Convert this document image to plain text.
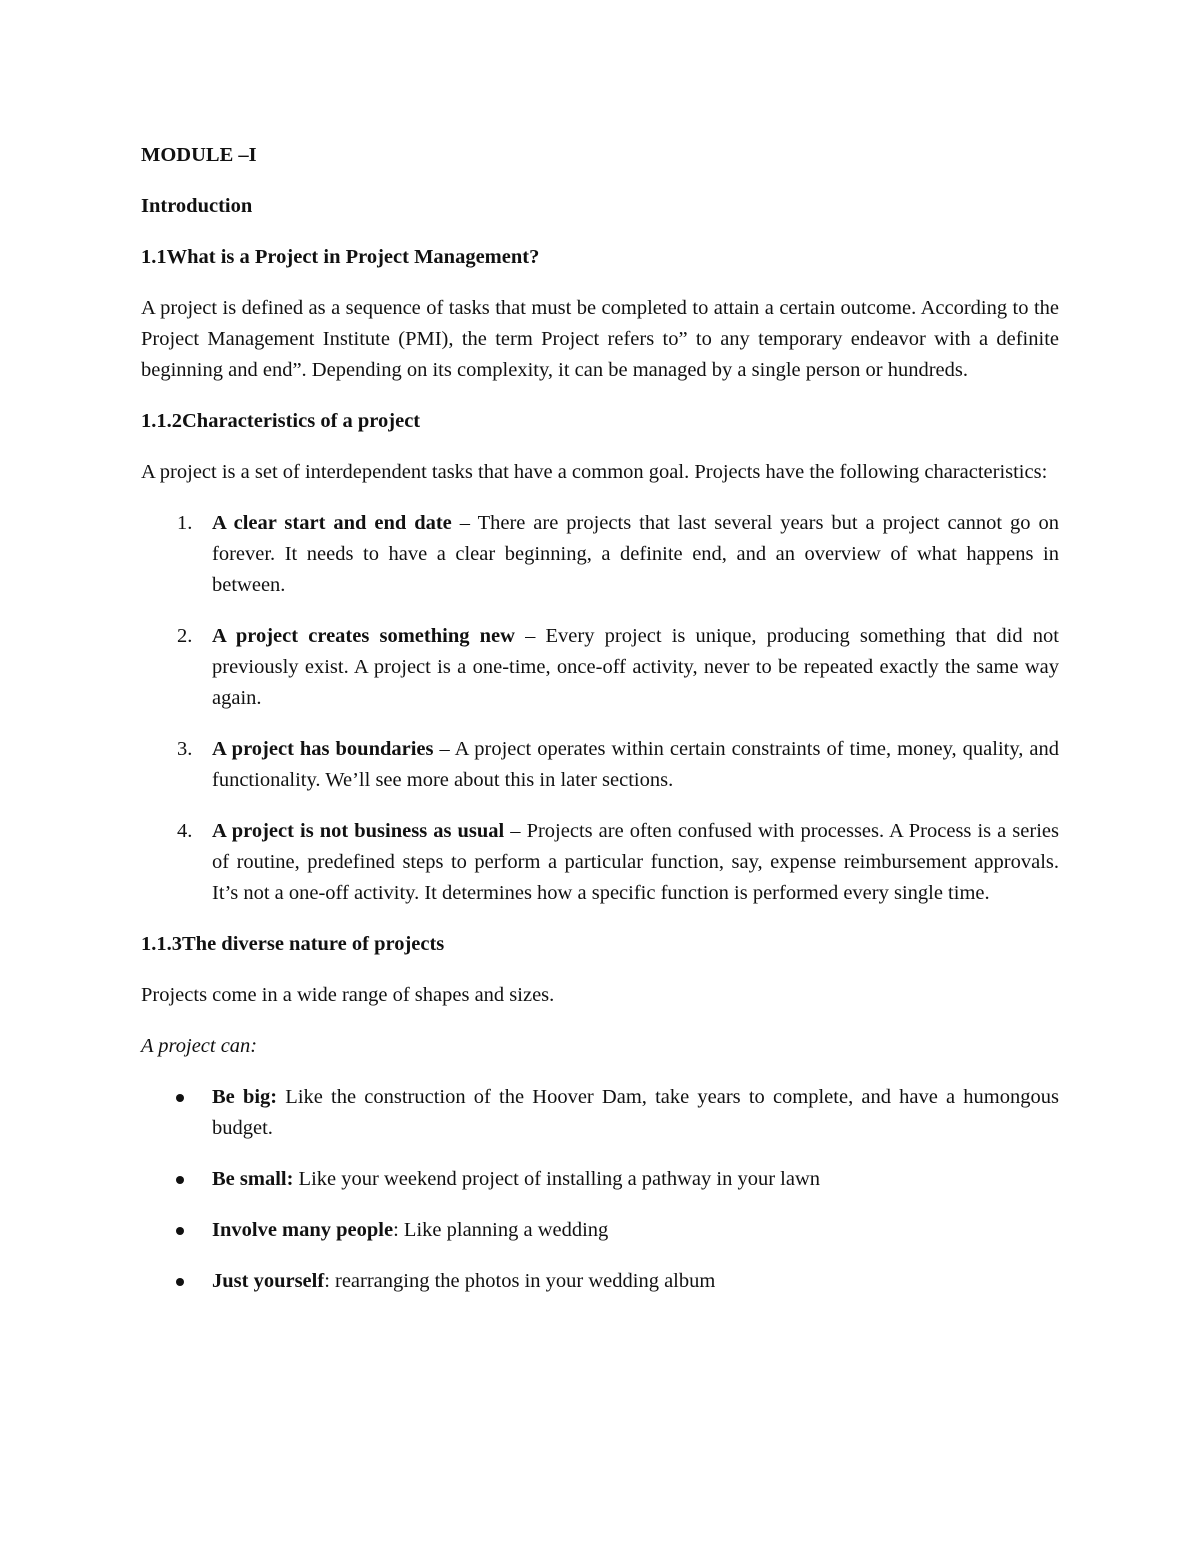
MODULE –I

Introduction

1.1What is a Project in Project Management?

A project is defined as a sequence of tasks that must be completed to attain a certain outcome. According to the Project Management Institute (PMI), the term Project refers to” to any temporary endeavor with a definite beginning and end”. Depending on its complexity, it can be managed by a single person or hundreds.

1.1.2Characteristics of a project

A project is a set of interdependent tasks that have a common goal. Projects have the following characteristics:

1. A clear start and end date – There are projects that last several years but a project cannot go on forever. It needs to have a clear beginning, a definite end, and an overview of what happens in between.
2. A project creates something new – Every project is unique, producing something that did not previously exist. A project is a one-time, once-off activity, never to be repeated exactly the same way again.
3. A project has boundaries – A project operates within certain constraints of time, money, quality, and functionality. We’ll see more about this in later sections.
4. A project is not business as usual – Projects are often confused with processes. A Process is a series of routine, predefined steps to perform a particular function, say, expense reimbursement approvals. It’s not a one-off activity. It determines how a specific function is performed every single time.

1.1.3The diverse nature of projects

Projects come in a wide range of shapes and sizes.

A project can:

Be big: Like the construction of the Hoover Dam, take years to complete, and have a humongous budget.
Be small: Like your weekend project of installing a pathway in your lawn
Involve many people: Like planning a wedding
Just yourself: rearranging the photos in your wedding album
